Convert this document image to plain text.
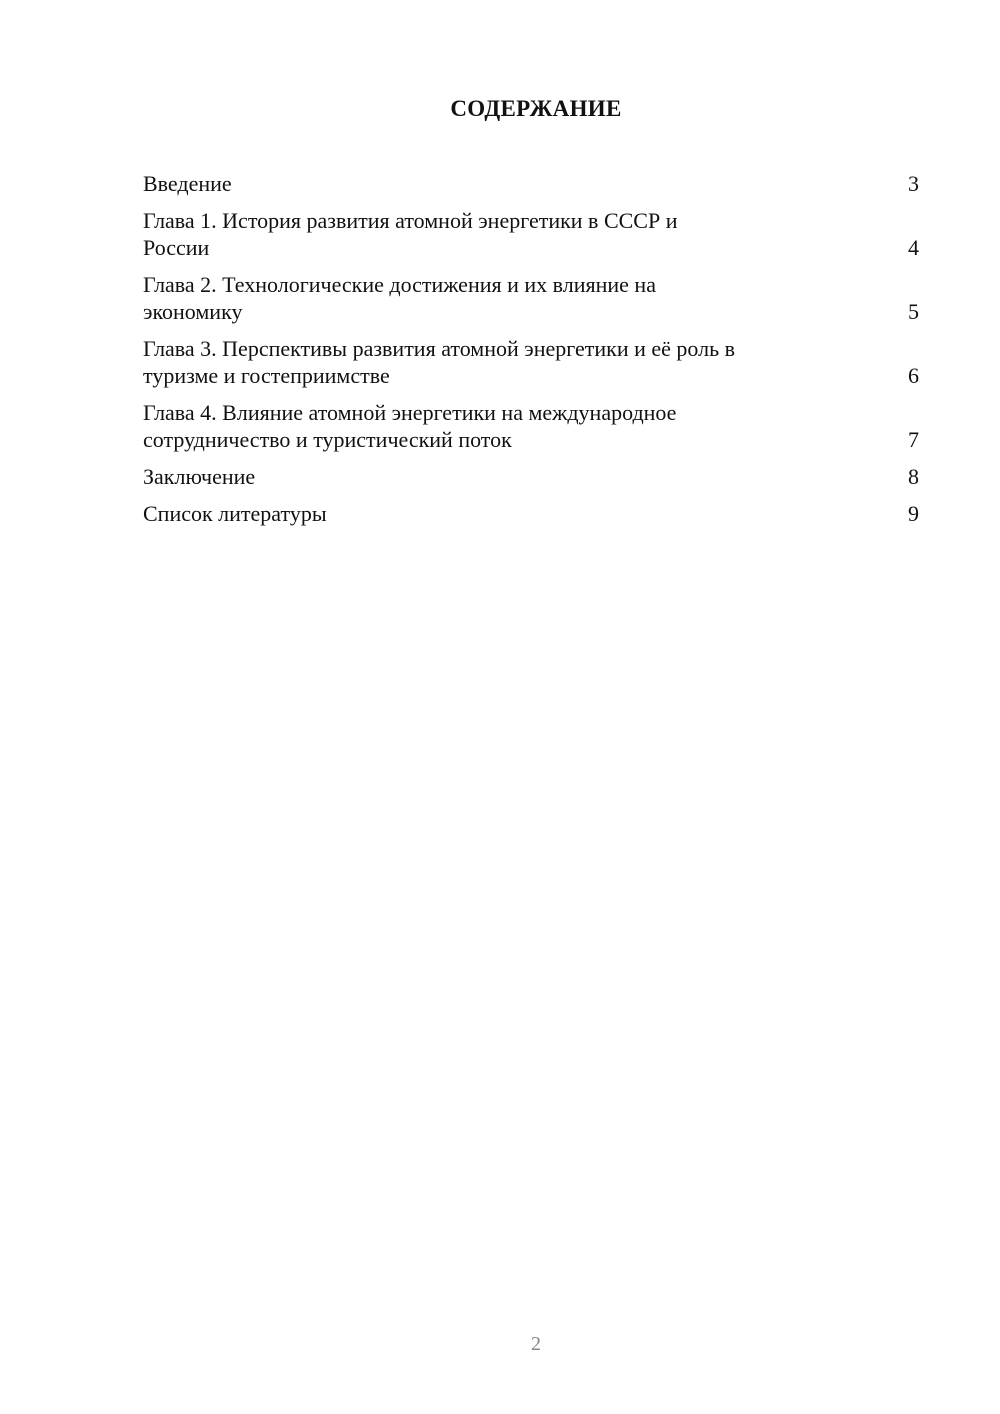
СОДЕРЖАНИЕ
Введение	3
Глава 1. История развития атомной энергетики в СССР и
России	4
Глава 2. Технологические достижения и их влияние на
экономику	5
Глава 3. Перспективы развития атомной энергетики и её роль в
туризме и гостеприимстве	6
Глава 4. Влияние атомной энергетики на международное
сотрудничество и туристический поток	7
Заключение	8
Список литературы	9
2
